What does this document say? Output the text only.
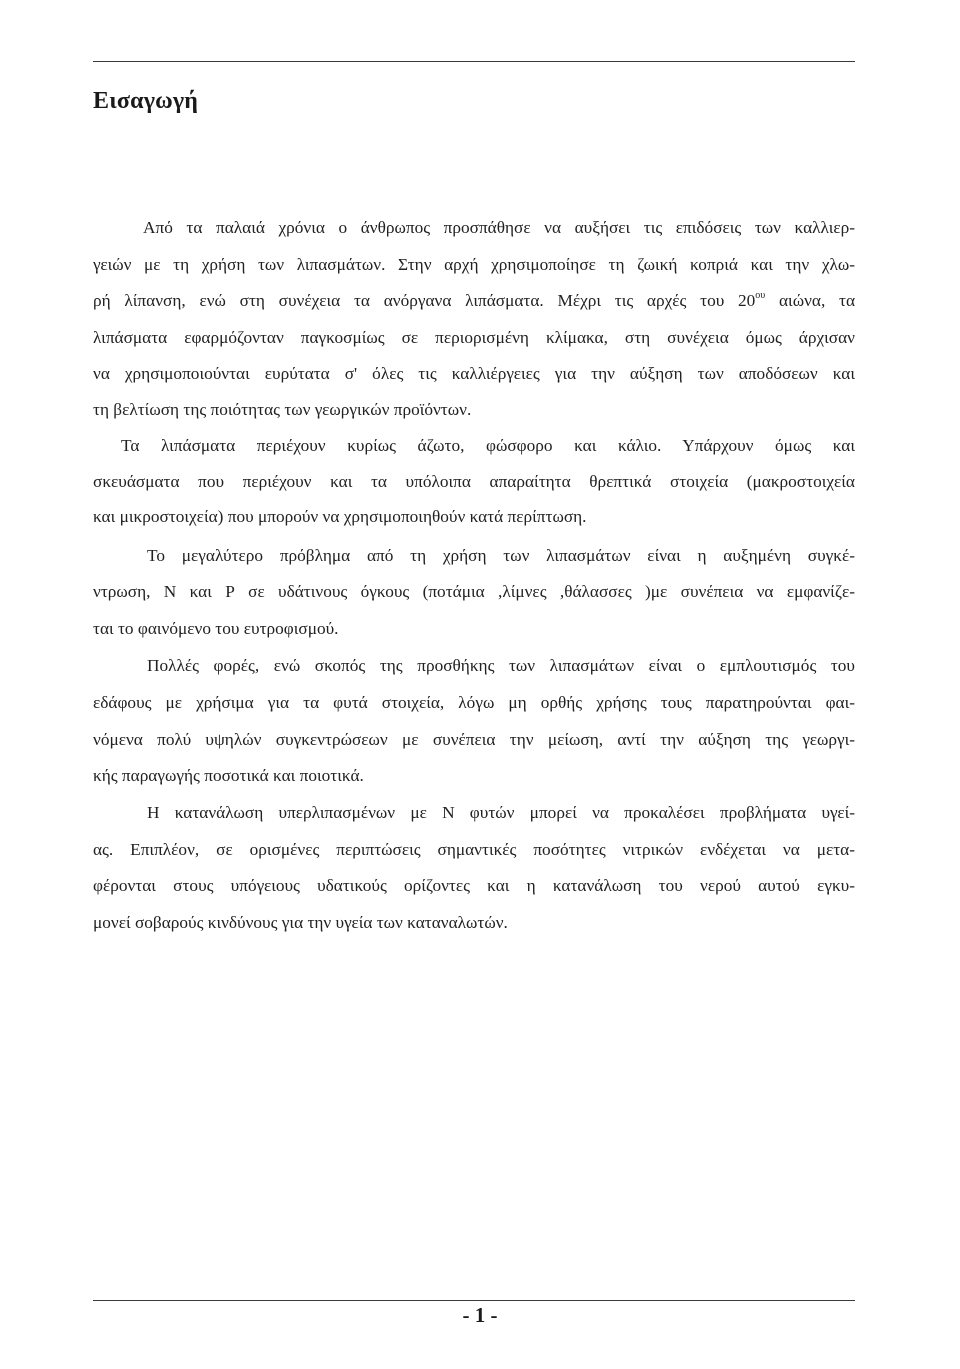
Εισαγωγή

Από τα παλαιά χρόνια ο άνθρωπος προσπάθησε να αυξήσει τις επιδόσεις των καλλιερ-

γειών με τη χρήση των λιπασμάτων. Στην αρχή χρησιμοποίησε τη ζωική κοπριά και την χλω-

ρή λίπανση, ενώ στη συνέχεια τα ανόργανα λιπάσματα. Μέχρι τις αρχές του $20^{o\upsilon}$ αιώνα, τα

λιπάσματα εφαρμόζονταν παγκοσμίως σε περιορισμένη κλίμακα, στη συνέχεια όμως άρχισαν

να χρησιμοποιούνται ευρύτατα σ' όλες τις καλλιέργειες για την αύξηση των αποδόσεων και

τη βελτίωση της ποιότητας των γεωργικών προϊόντων.

Τα λιπάσματα περιέχουν κυρίως άζωτο, φώσφορο και κάλιο. Υπάρχουν όμως και

σκευάσματα που περιέχουν και τα υπόλοιπα απαραίτητα θρεπτικά στοιχεία (μακροστοιχεία

και μικροστοιχεία) που μπορούν να χρησιμοποιηθούν κατά περίπτωση.

Το μεγαλύτερο πρόβλημα από τη χρήση των λιπασμάτων είναι η αυξημένη συγκέ-

ντρωση, Ν και Ρ σε υδάτινους όγκους (ποτάμια ,λίμνες ,θάλασσες )με συνέπεια να εμφανίζε-

ται το φαινόμενο του ευτροφισμού.

Πολλές φορές, ενώ σκοπός της προσθήκης των λιπασμάτων είναι ο εμπλουτισμός του

εδάφους με χρήσιμα για τα φυτά στοιχεία, λόγω μη ορθής χρήσης τους παρατηρούνται φαι-

νόμενα πολύ υψηλών συγκεντρώσεων με συνέπεια την μείωση, αντί την αύξηση της γεωργι-

κής παραγωγής ποσοτικά και ποιοτικά.

Η κατανάλωση υπερλιπασμένων με Ν φυτών μπορεί να προκαλέσει προβλήματα υγεί-

ας. Επιπλέον, σε ορισμένες περιπτώσεις σημαντικές ποσότητες νιτρικών ενδέχεται να μετα-

φέρονται στους υπόγειους υδατικούς ορίζοντες και η κατανάλωση του νερού αυτού εγκυ-

μονεί σοβαρούς κινδύνους για την υγεία των καταναλωτών.

- 1 -
